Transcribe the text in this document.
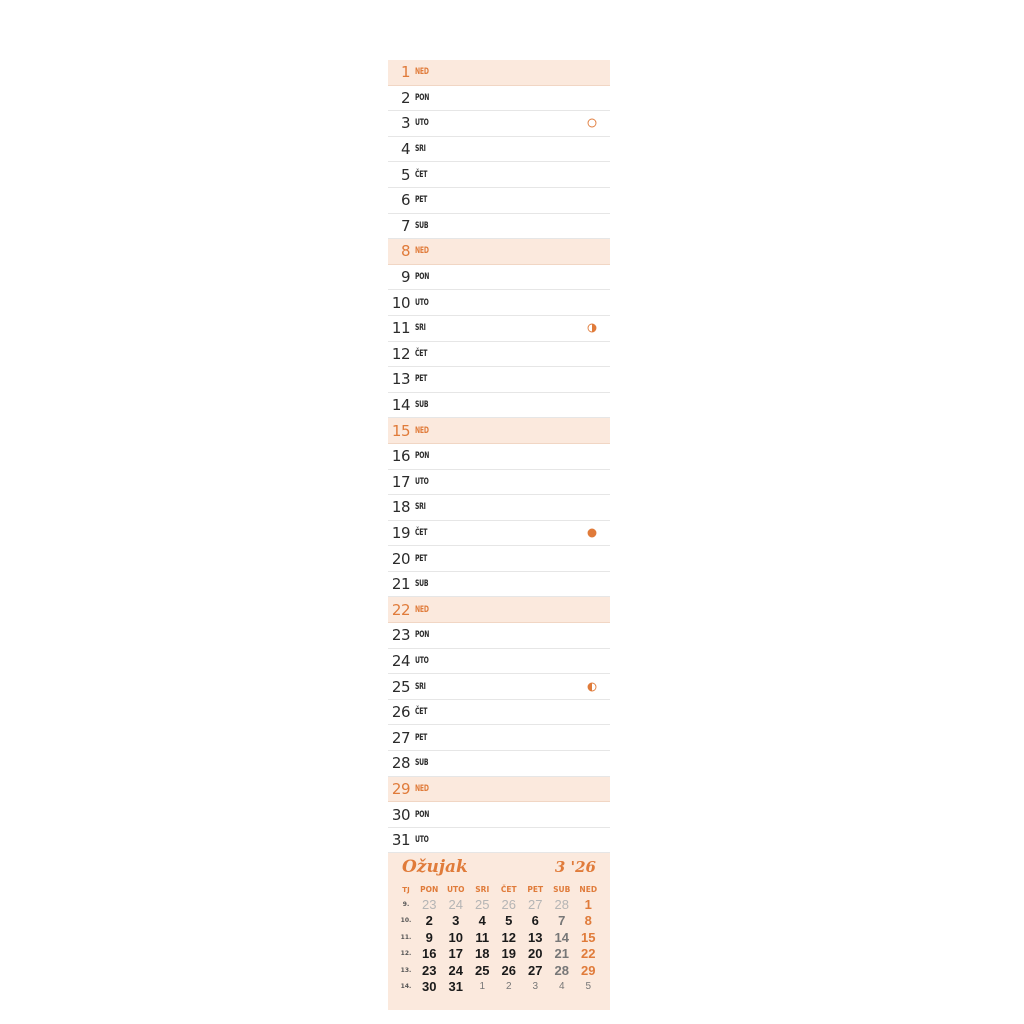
1 NED
2 PON
3 UTO
4 SRI
5 ČET
6 PET
7 SUB
8 NED
9 PON
10 UTO
11 SRI
12 ČET
13 PET
14 SUB
15 NED
16 PON
17 UTO
18 SRI
19 ČET
20 PET
21 SUB
22 NED
23 PON
24 UTO
25 SRI
26 ČET
27 PET
28 SUB
29 NED
30 PON
31 UTO
Ožujak	3 '26
TJ	PON	UTO	SRI	ČET	PET	SUB	NED
9. 23 24 25 26 27 28	1
10.	2	3	4	5	6	7	8
11.	9	10 11 12 13 14 15
12. 16 17 18 19 20 21 22
13. 23 24 25 26 27 28 29
14. 30 31	1	2	3	4	5
